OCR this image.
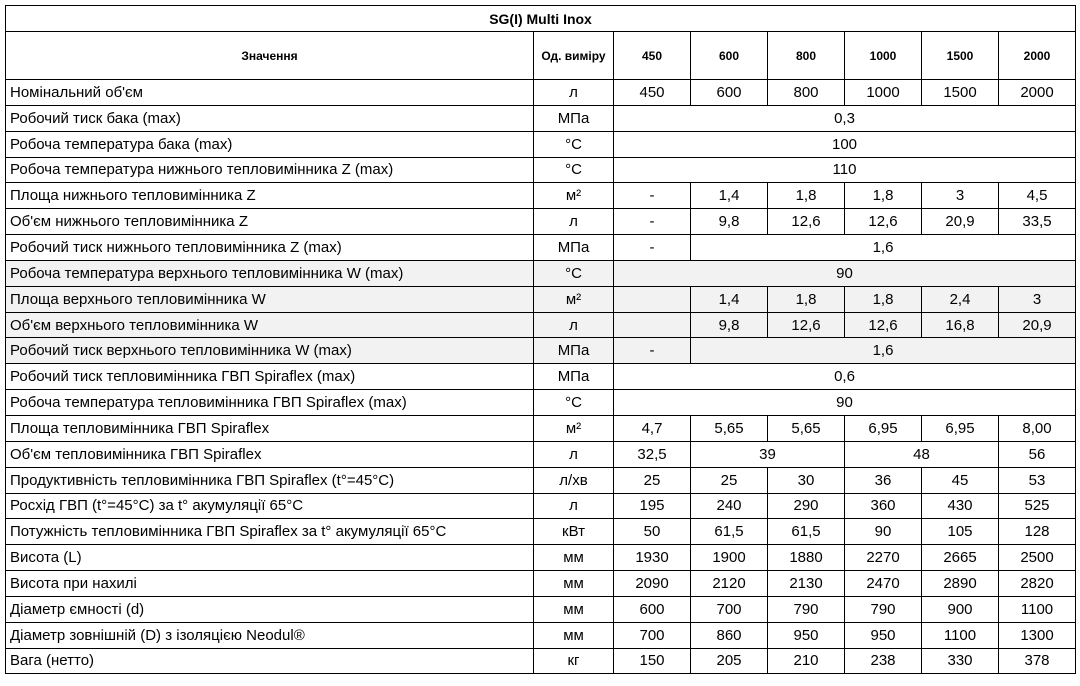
SG(I) Multi Inox							
Значення	Од. виміру	450	600	800	1000	1500	2000
Номінальний об'єм	л	450	600	800	1000	1500	2000
Робочий тиск бака (max)	МПа	0,3					
Робоча температура бака (max)	°C	100					
Робоча температура нижнього тепловимінника Z (max)	°C	110					
Площа нижнього тепловимінника Z	м²	-	1,4	1,8	1,8	3	4,5
Об'єм нижнього тепловимінника Z	л	-	9,8	12,6	12,6	20,9	33,5
Робочий тиск нижнього тепловимінника Z (max)	МПа	-	1,6				
Робоча температура верхнього тепловимінника W (max)	°C	90					
Площа верхнього тепловимінника W	м²		1,4	1,8	1,8	2,4	3
Об'єм верхнього тепловимінника W	л		9,8	12,6	12,6	16,8	20,9
Робочий тиск верхнього тепловимінника W (max)	МПа	-	1,6				
Робочий тиск тепловимінника ГВП Spiraflex (max)	МПа	0,6					
Робоча температура тепловимінника ГВП Spiraflex (max)	°C	90					
Площа тепловимінника ГВП Spiraflex	м²	4,7	5,65	5,65	6,95	6,95	8,00
Об'єм тепловимінника ГВП Spiraflex	л	32,5	39		48		56
Продуктивність тепловимінника ГВП Spiraflex (t°=45°C)	л/хв	25	25	30	36	45	53
Росхід ГВП (t°=45°C) за t° акумуляції 65°C	л	195	240	290	360	430	525
Потужність тепловимінника ГВП Spiraflex за t° акумуляції 65°C	кВт	50	61,5	61,5	90	105	128
Висота (L)	мм	1930	1900	1880	2270	2665	2500
Висота при нахилі	мм	2090	2120	2130	2470	2890	2820
Діаметр ємності (d)	мм	600	700	790	790	900	1100
Діаметр зовнішній (D) з ізоляцією Neodul®	мм	700	860	950	950	1100	1300
Вага (нетто)	кг	150	205	210	238	330	378
